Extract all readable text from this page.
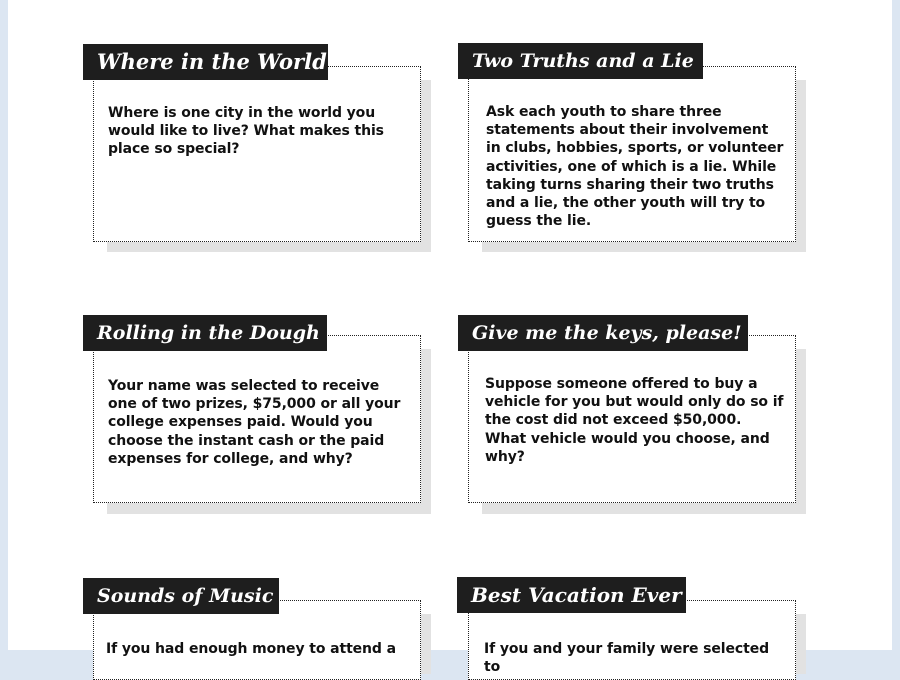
Where is one city in the world you would like to live? What makes this place so special?
Where in the World
Ask each youth to share three statements about their involvement in clubs, hobbies, sports, or volunteer activities, one of which is a lie. While taking turns sharing their two truths and a lie, the other youth will try to guess the lie.
Two Truths and a Lie
Your name was selected to receive one of two prizes, $75,000 or all your college expenses paid. Would you choose the instant cash or the paid expenses for college, and why?
Rolling in the Dough
Suppose someone offered to buy a vehicle for you but would only do so if the cost did not exceed $50,000. What vehicle would you choose, and why?
Give me the keys, please!
If you had enough money to attend a
Sounds of Music
If you and your family were selected to
Best Vacation Ever
